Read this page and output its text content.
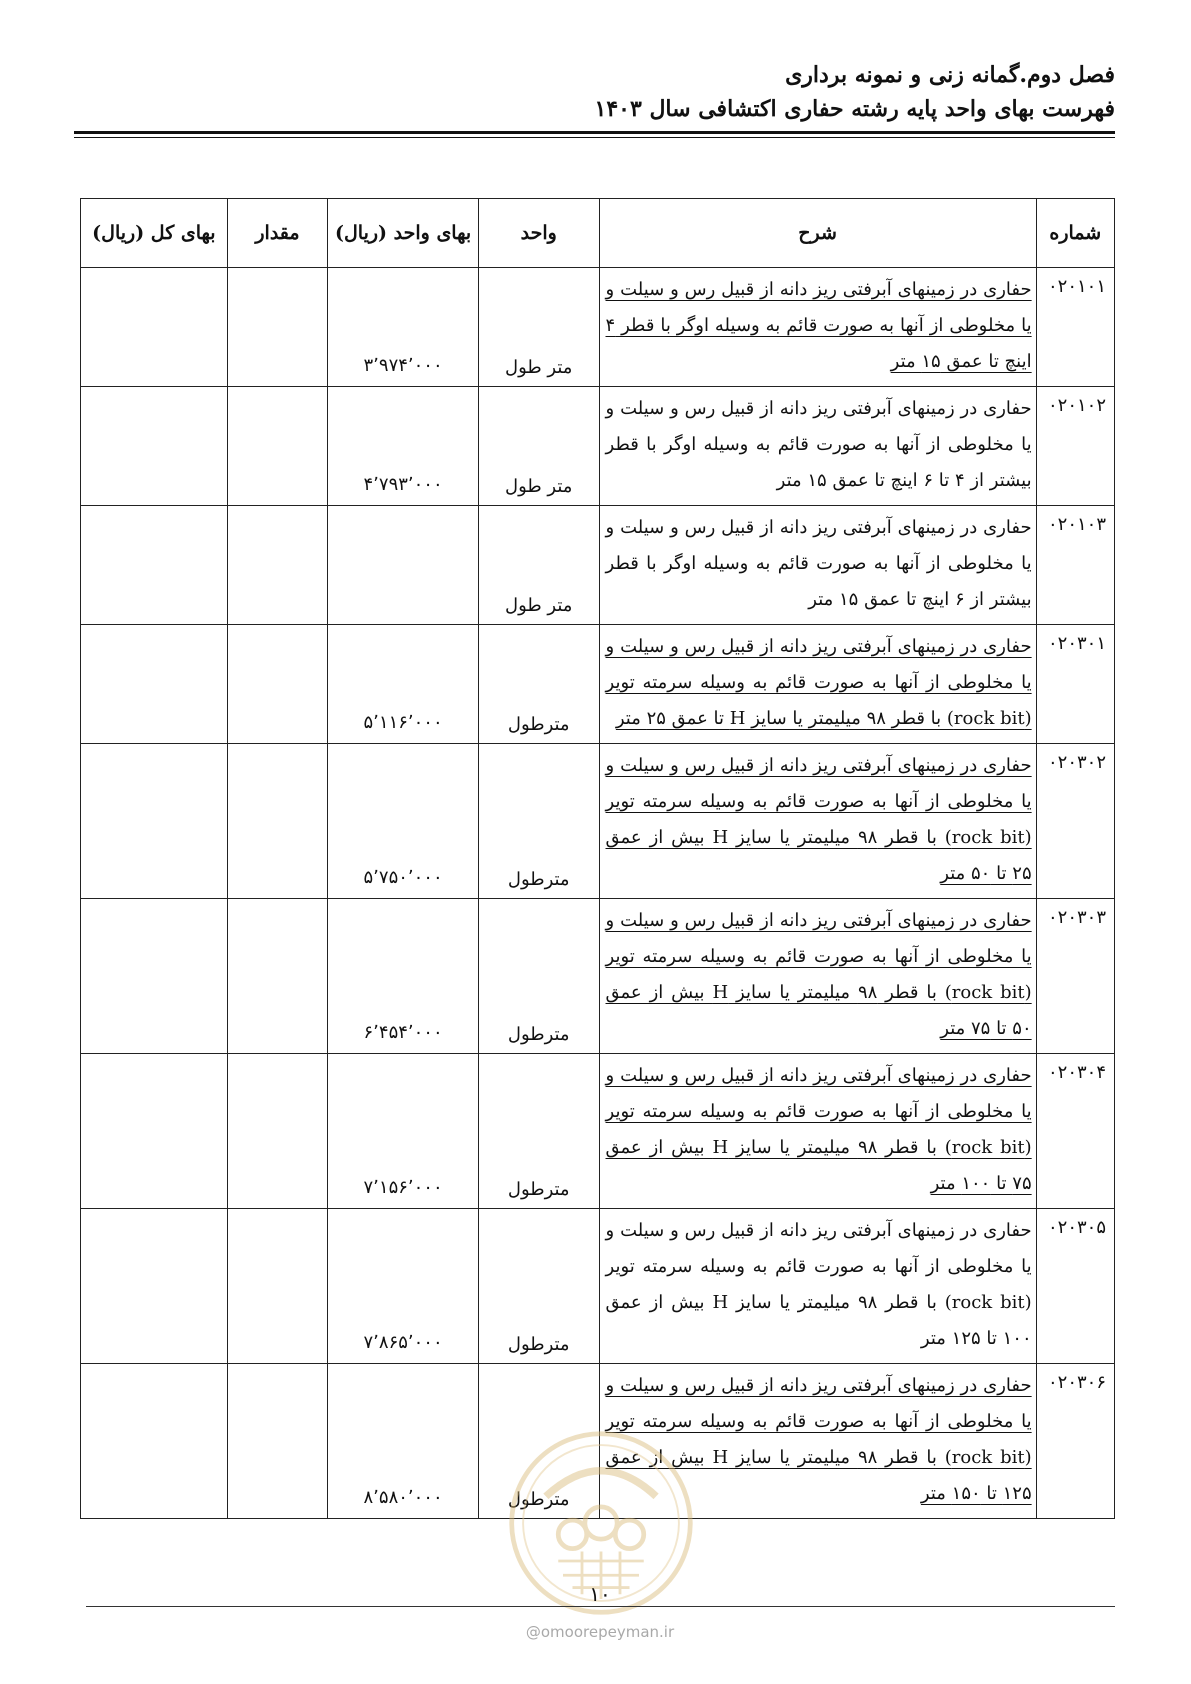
فصل دوم.گمانه زنی و نمونه برداری
فهرست بهای واحد پایه رشته حفاری اکتشافی سال ۱۴۰۳
شماره	شرح	واحد	بهای واحد (ریال)	مقدار	بهای کل (ریال)
۰۲۰۱۰۱	حفاری در زمینهای آبرفتی ریز دانه از قبیل رس و سیلت و یا مخلوطی از آنها به صورت قائم به وسیله اوگر با قطر ۴ اینچ تا عمق ۱۵ متر	متر طول	۳٬۹۷۴٬۰۰۰		
۰۲۰۱۰۲	حفاری در زمینهای آبرفتی ریز دانه از قبیل رس و سیلت و یا مخلوطی از آنها به صورت قائم به وسیله اوگر با قطر بیشتر از ۴ تا ۶ اینچ تا عمق ۱۵ متر	متر طول	۴٬۷۹۳٬۰۰۰		
۰۲۰۱۰۳	حفاری در زمینهای آبرفتی ریز دانه از قبیل رس و سیلت و یا مخلوطی از آنها به صورت قائم به وسیله اوگر با قطر بیشتر از ۶ اینچ تا عمق ۱۵ متر	متر طول			
۰۲۰۳۰۱	حفاری در زمینهای آبرفتی ریز دانه از قبیل رس و سیلت و یا مخلوطی از آنها به صورت قائم به وسیله سرمته تویر (rock bit) با قطر ۹۸ میلیمتر یا سایز H تا عمق ۲۵ متر	مترطول	۵٬۱۱۶٬۰۰۰		
۰۲۰۳۰۲	حفاری در زمینهای آبرفتی ریز دانه از قبیل رس و سیلت و یا مخلوطی از آنها به صورت قائم به وسیله سرمته تویر (rock bit) با قطر ۹۸ میلیمتر یا سایز H بیش از عمق ۲۵ تا ۵۰ متر	مترطول	۵٬۷۵۰٬۰۰۰		
۰۲۰۳۰۳	حفاری در زمینهای آبرفتی ریز دانه از قبیل رس و سیلت و یا مخلوطی از آنها به صورت قائم به وسیله سرمته تویر (rock bit) با قطر ۹۸ میلیمتر یا سایز H بیش از عمق ۵۰ تا ۷۵ متر	مترطول	۶٬۴۵۴٬۰۰۰		
۰۲۰۳۰۴	حفاری در زمینهای آبرفتی ریز دانه از قبیل رس و سیلت و یا مخلوطی از آنها به صورت قائم به وسیله سرمته تویر (rock bit) با قطر ۹۸ میلیمتر یا سایز H بیش از عمق ۷۵ تا ۱۰۰ متر	مترطول	۷٬۱۵۶٬۰۰۰		
۰۲۰۳۰۵	حفاری در زمینهای آبرفتی ریز دانه از قبیل رس و سیلت و یا مخلوطی از آنها به صورت قائم به وسیله سرمته تویر (rock bit) با قطر ۹۸ میلیمتر یا سایز H بیش از عمق ۱۰۰ تا ۱۲۵ متر	مترطول	۷٬۸۶۵٬۰۰۰		
۰۲۰۳۰۶	حفاری در زمینهای آبرفتی ریز دانه از قبیل رس و سیلت و یا مخلوطی از آنها به صورت قائم به وسیله سرمته تویر (rock bit) با قطر ۹۸ میلیمتر یا سایز H بیش از عمق ۱۲۵ تا ۱۵۰ متر	مترطول	۸٬۵۸۰٬۰۰۰		
۱۰
@omoorepeyman.ir
